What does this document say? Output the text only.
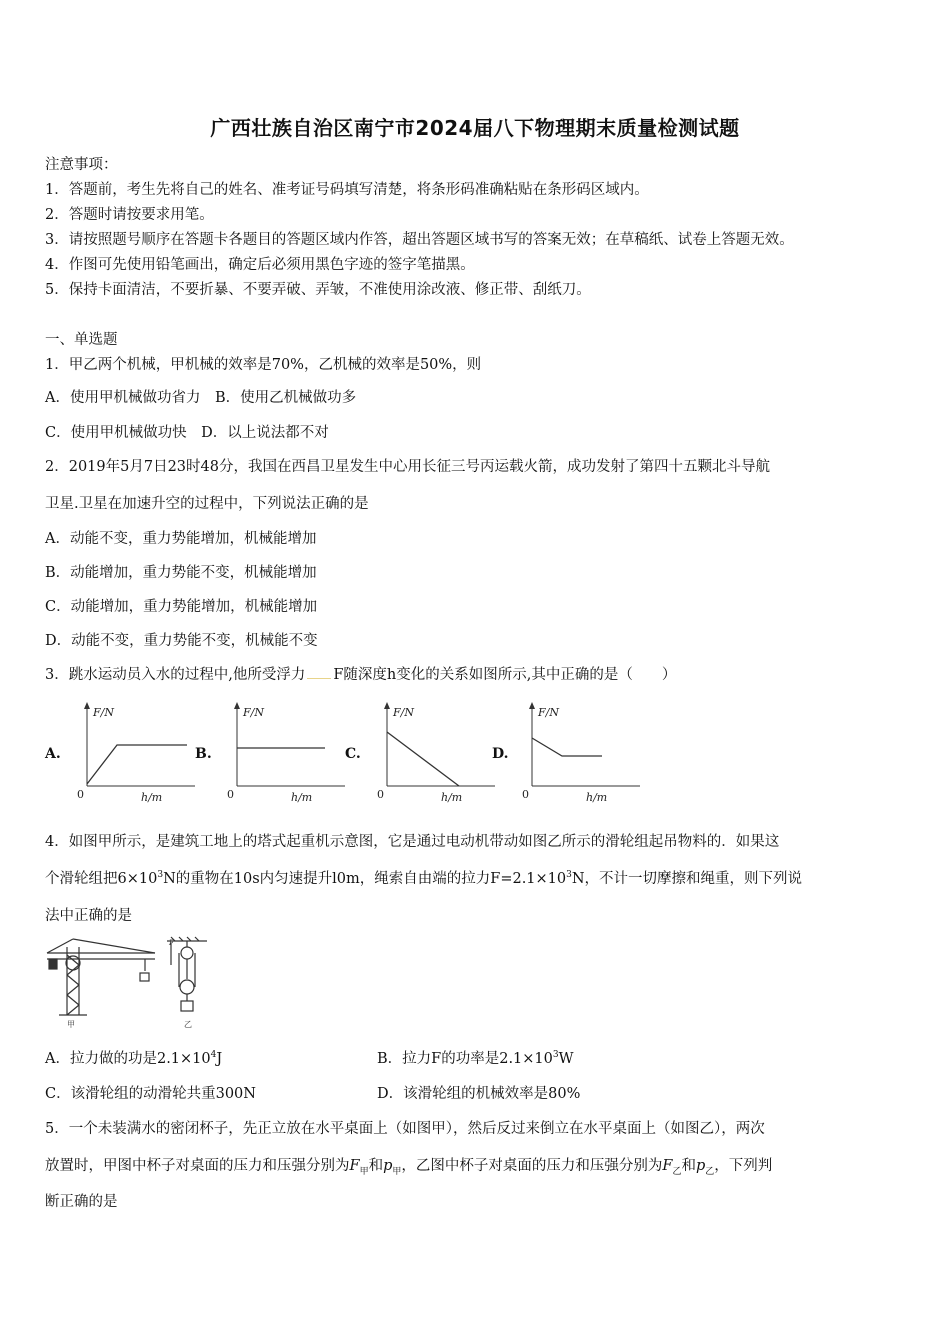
广西壮族自治区南宁市2024届八下物理期末质量检测试题
注意事项：
1．答题前，考生先将自己的姓名、准考证号码填写清楚，将条形码准确粘贴在条形码区域内。
2．答题时请按要求用笔。
3．请按照题号顺序在答题卡各题目的答题区域内作答，超出答题区域书写的答案无效；在草稿纸、试卷上答题无效。
4．作图可先使用铅笔画出，确定后必须用黑色字迹的签字笔描黑。
5．保持卡面清洁，不要折暴、不要弄破、弄皱，不准使用涂改液、修正带、刮纸刀。
一、单选题
1．甲乙两个机械，甲机械的效率是70%，乙机械的效率是50%，则
A．使用甲机械做功省力　B．使用乙机械做功多
C．使用甲机械做功快　D．以上说法都不对
2．2019年5月7日23时48分，我国在西昌卫星发生中心用长征三号丙运载火箭，成功发射了第四十五颗北斗导航
卫星.卫星在加速升空的过程中，下列说法正确的是
A．动能不变，重力势能增加，机械能增加
B．动能增加，重力势能不变，机械能增加
C．动能增加，重力势能增加，机械能增加
D．动能不变，重力势能不变，机械能不变
3．跳水运动员入水的过程中,他所受浮力 F随深度h变化的关系如图所示,其中正确的是（　　）
A.
F/N
0	h/m
B.
F/N
0	h/m
C.
F/N
0	h/m
D.
F/N
0	h/m
4．如图甲所示，是建筑工地上的塔式起重机示意图，它是通过电动机带动如图乙所示的滑轮组起吊物料的．如果这
个滑轮组把$6\times 10^3N$的重物在10s内匀速提升l0m，绳索自由端的拉力$F=2.1\times 10^3N$，不计一切摩擦和绳重，则下列说
法中正确的是
甲
F
乙
A．拉力做的功是$2.1\times 10^4J$	B．拉力F的功率是$2.1\times 10^3W$
C．该滑轮组的动滑轮共重300N	D．该滑轮组的机械效率是80%
5．一个未装满水的密闭杯子，先正立放在水平桌面上（如图甲），然后反过来倒立在水平桌面上（如图乙），两次
放置时，甲图中杯子对桌面的压力和压强分别为$F_甲$和$p_甲$，乙图中杯子对桌面的压力和压强分别为$F_乙$和$p_乙$，下列判
断正确的是
